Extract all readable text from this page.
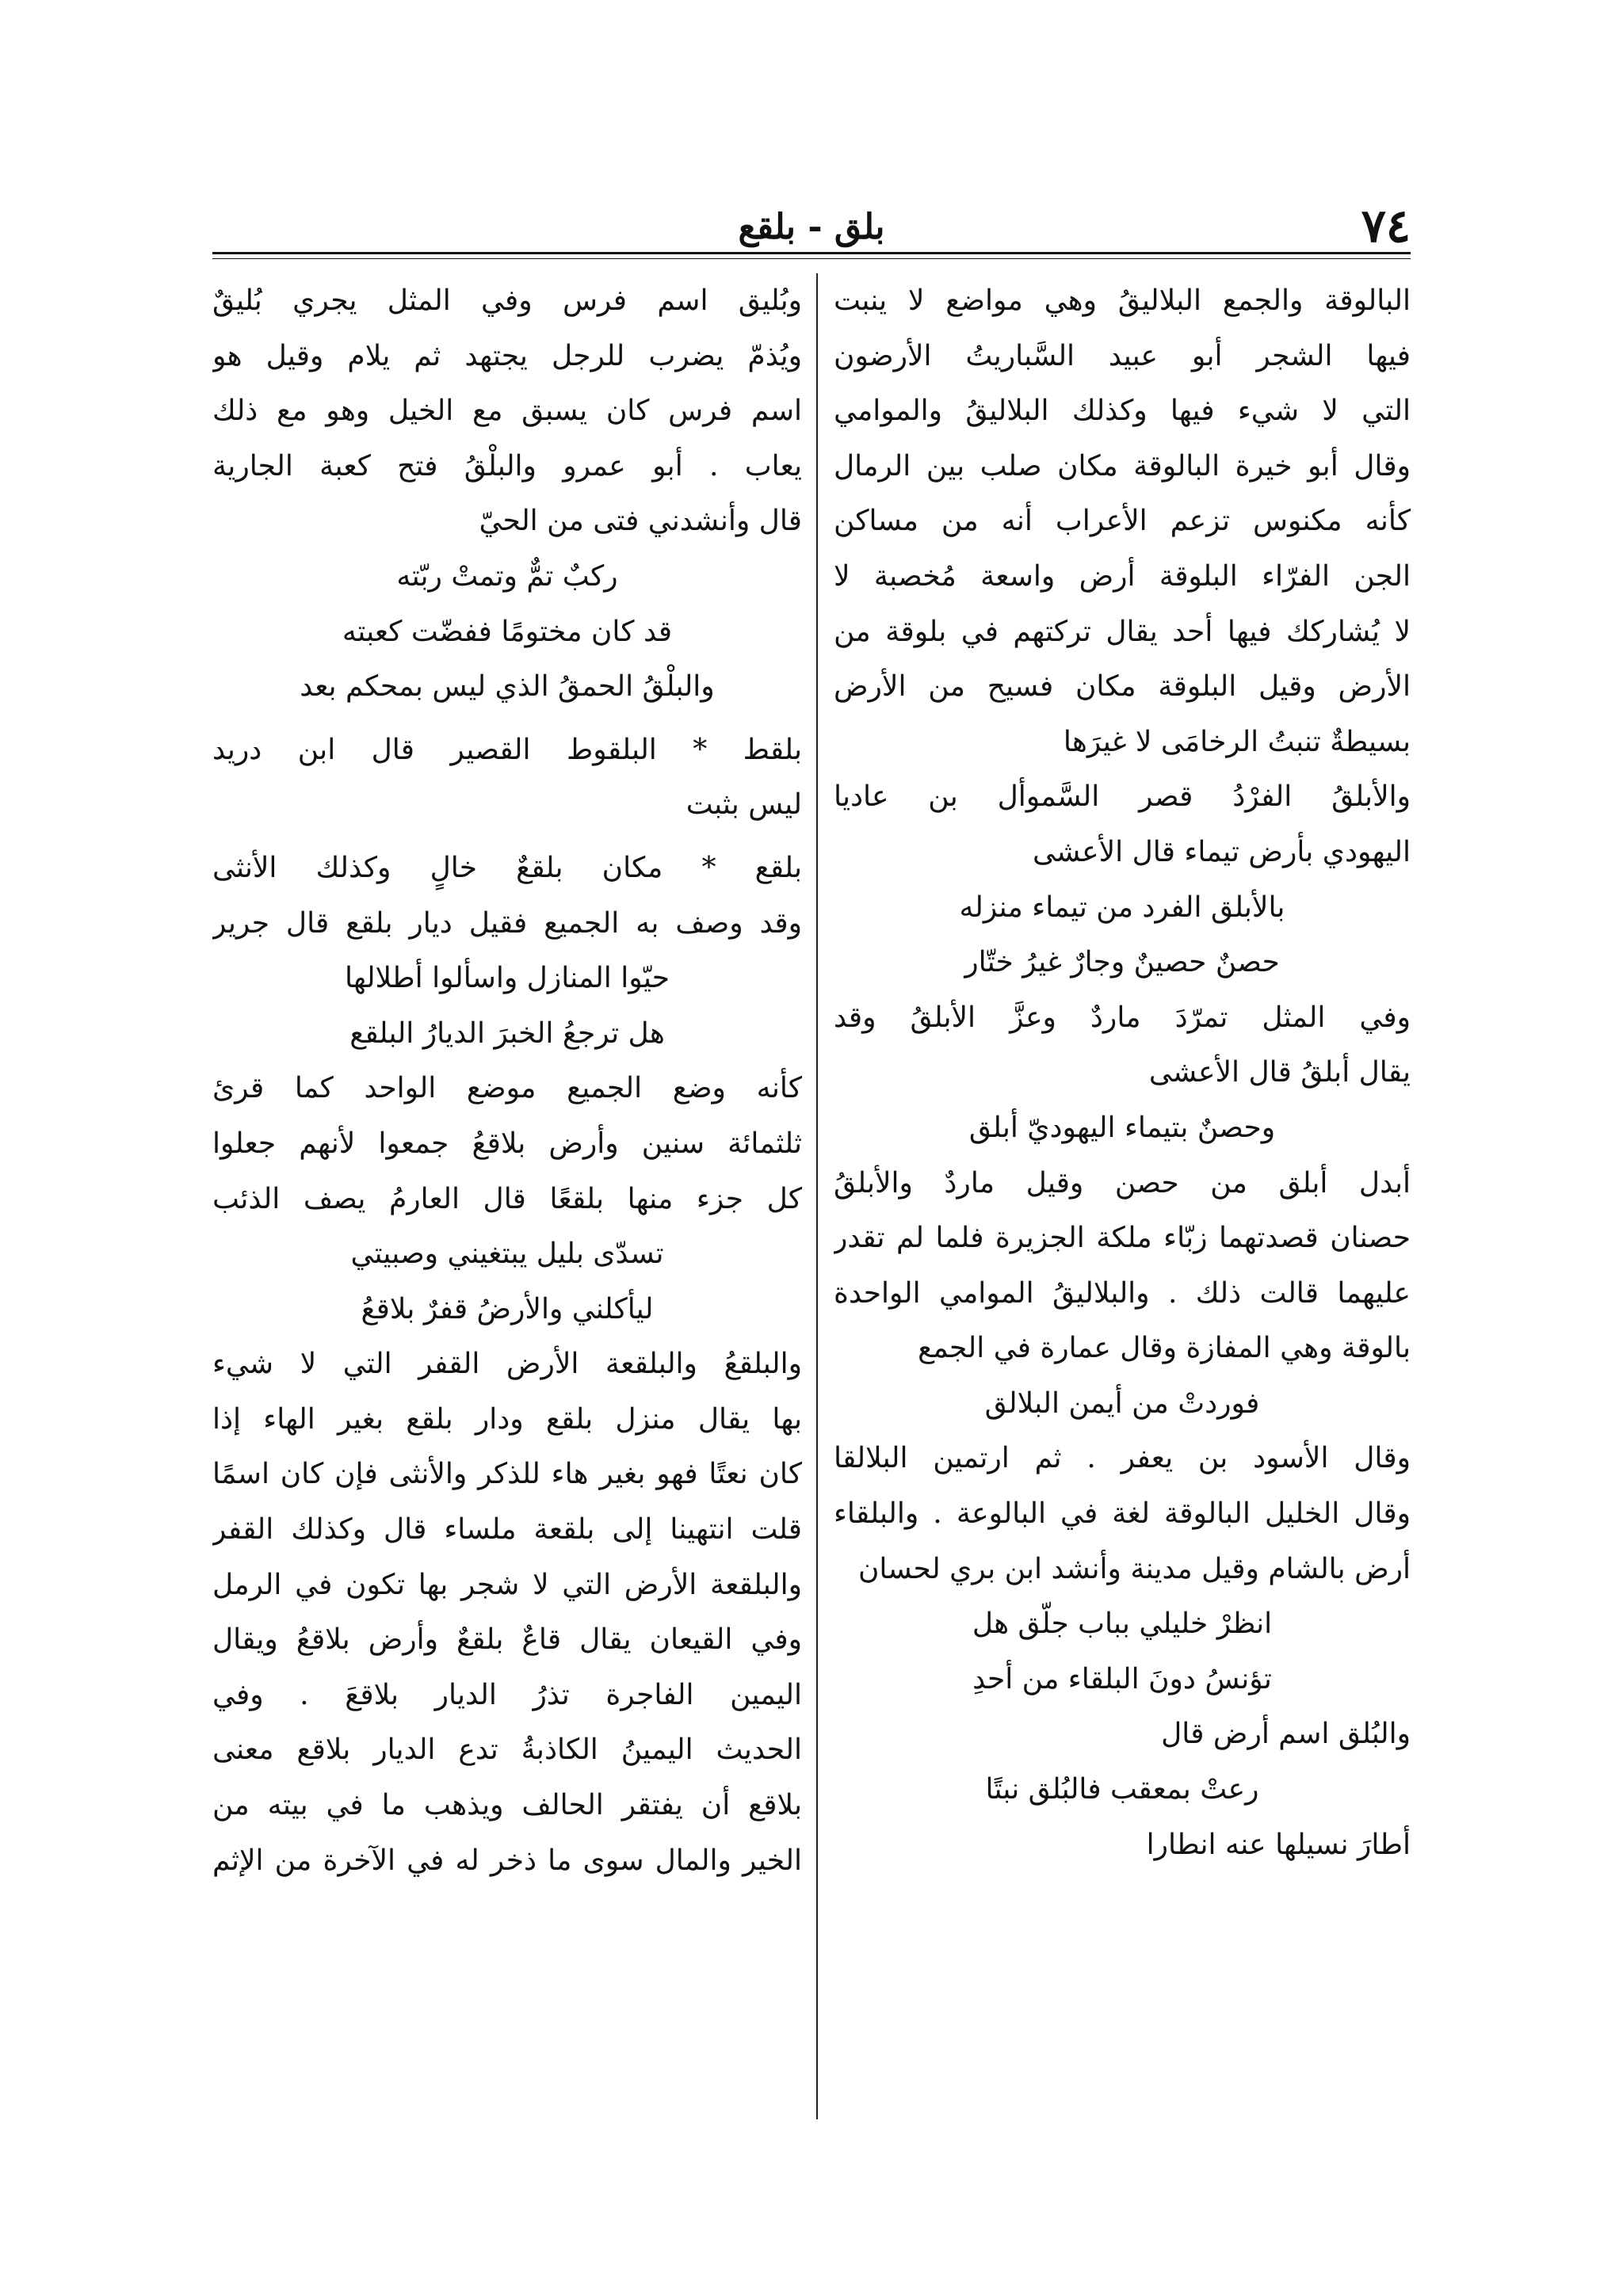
٧٤
بلق - بلقع
البالوقة والجمع البلاليقُ وهي مواضع لا ينبت
فيها الشجر أبو عبيد السَّباريتُ الأرضون
التي لا شيء فيها وكذلك البلاليقُ والموامي
وقال أبو خيرة البالوقة مكان صلب بين الرمال
كأنه مكنوس تزعم الأعراب أنه من مساكن
الجن الفرّاء البلوقة أرض واسعة مُخصبة لا
لا يُشاركك فيها أحد يقال تركتهم في بلوقة من
الأرض وقيل البلوقة مكان فسيح من الأرض
بسيطةٌ تنبتُ الرخامَى لا غيرَها
والأبلقُ الفرْدُ قصر السَّموأل بن عاديا
اليهودي بأرض تيماء قال الأعشى
بالأبلق الفرد من تيماء منزله
حصنٌ حصينٌ وجارٌ غيرُ ختّار
وفي المثل تمرّدَ ماردٌ وعزَّ الأبلقُ وقد
يقال أبلقُ قال الأعشى
وحصنٌ بتيماء اليهوديّ أبلق
أبدل أبلق من حصن وقيل ماردٌ والأبلقُ
حصنان قصدتهما زبّاء ملكة الجزيرة فلما لم تقدر
عليهما قالت ذلك . والبلاليقُ الموامي الواحدة
بالوقة وهي المفازة وقال عمارة في الجمع
فوردتْ من أيمن البلالق
وقال الأسود بن يعفر . ثم ارتمين البلالقا
وقال الخليل البالوقة لغة في البالوعة . والبلقاء
أرض بالشام وقيل مدينة وأنشد ابن بري لحسان
انظرْ خليلي بباب جلّق هل
تؤنسُ دونَ البلقاء من أحدِ
والبُلق اسم أرض قال
رعتْ بمعقب فالبُلق نبتًا
أطارَ نسيلها عنه انطارا
وبُليق اسم فرس وفي المثل يجري بُليقٌ
ويُذمّ يضرب للرجل يجتهد ثم يلام وقيل هو
اسم فرس كان يسبق مع الخيل وهو مع ذلك
يعاب . أبو عمرو والبلْقُ فتح كعبة الجارية
قال وأنشدني فتى من الحيّ
ركبٌ تمٌّ وتمتْ ربّته
قد كان مختومًا ففضّت كعبته
والبلْقُ الحمقُ الذي ليس بمحكم بعد
بلقط * البلقوط القصير قال ابن دريد
ليس بثبت
بلقع * مكان بلقعٌ خالٍ وكذلك الأنثى
وقد وصف به الجميع فقيل ديار بلقع قال جرير
حيّوا المنازل واسألوا أطلالها
هل ترجعُ الخبرَ الديارُ البلقع
كأنه وضع الجميع موضع الواحد كما قرئ
ثلثمائة سنين وأرض بلاقعُ جمعوا لأنهم جعلوا
كل جزء منها بلقعًا قال العارمُ يصف الذئب
تسدّى بليل يبتغيني وصبيتي
ليأكلني والأرضُ قفرٌ بلاقعُ
والبلقعُ والبلقعة الأرض القفر التي لا شيء
بها يقال منزل بلقع ودار بلقع بغير الهاء إذا
كان نعتًا فهو بغير هاء للذكر والأنثى فإن كان اسمًا
قلت انتهينا إلى بلقعة ملساء قال وكذلك القفر
والبلقعة الأرض التي لا شجر بها تكون في الرمل
وفي القيعان يقال قاعٌ بلقعٌ وأرض بلاقعُ ويقال
اليمين الفاجرة تذرُ الديار بلاقعَ . وفي
الحديث اليمينُ الكاذبةُ تدع الديار بلاقع معنى
بلاقع أن يفتقر الحالف ويذهب ما في بيته من
الخير والمال سوى ما ذخر له في الآخرة من الإثم
